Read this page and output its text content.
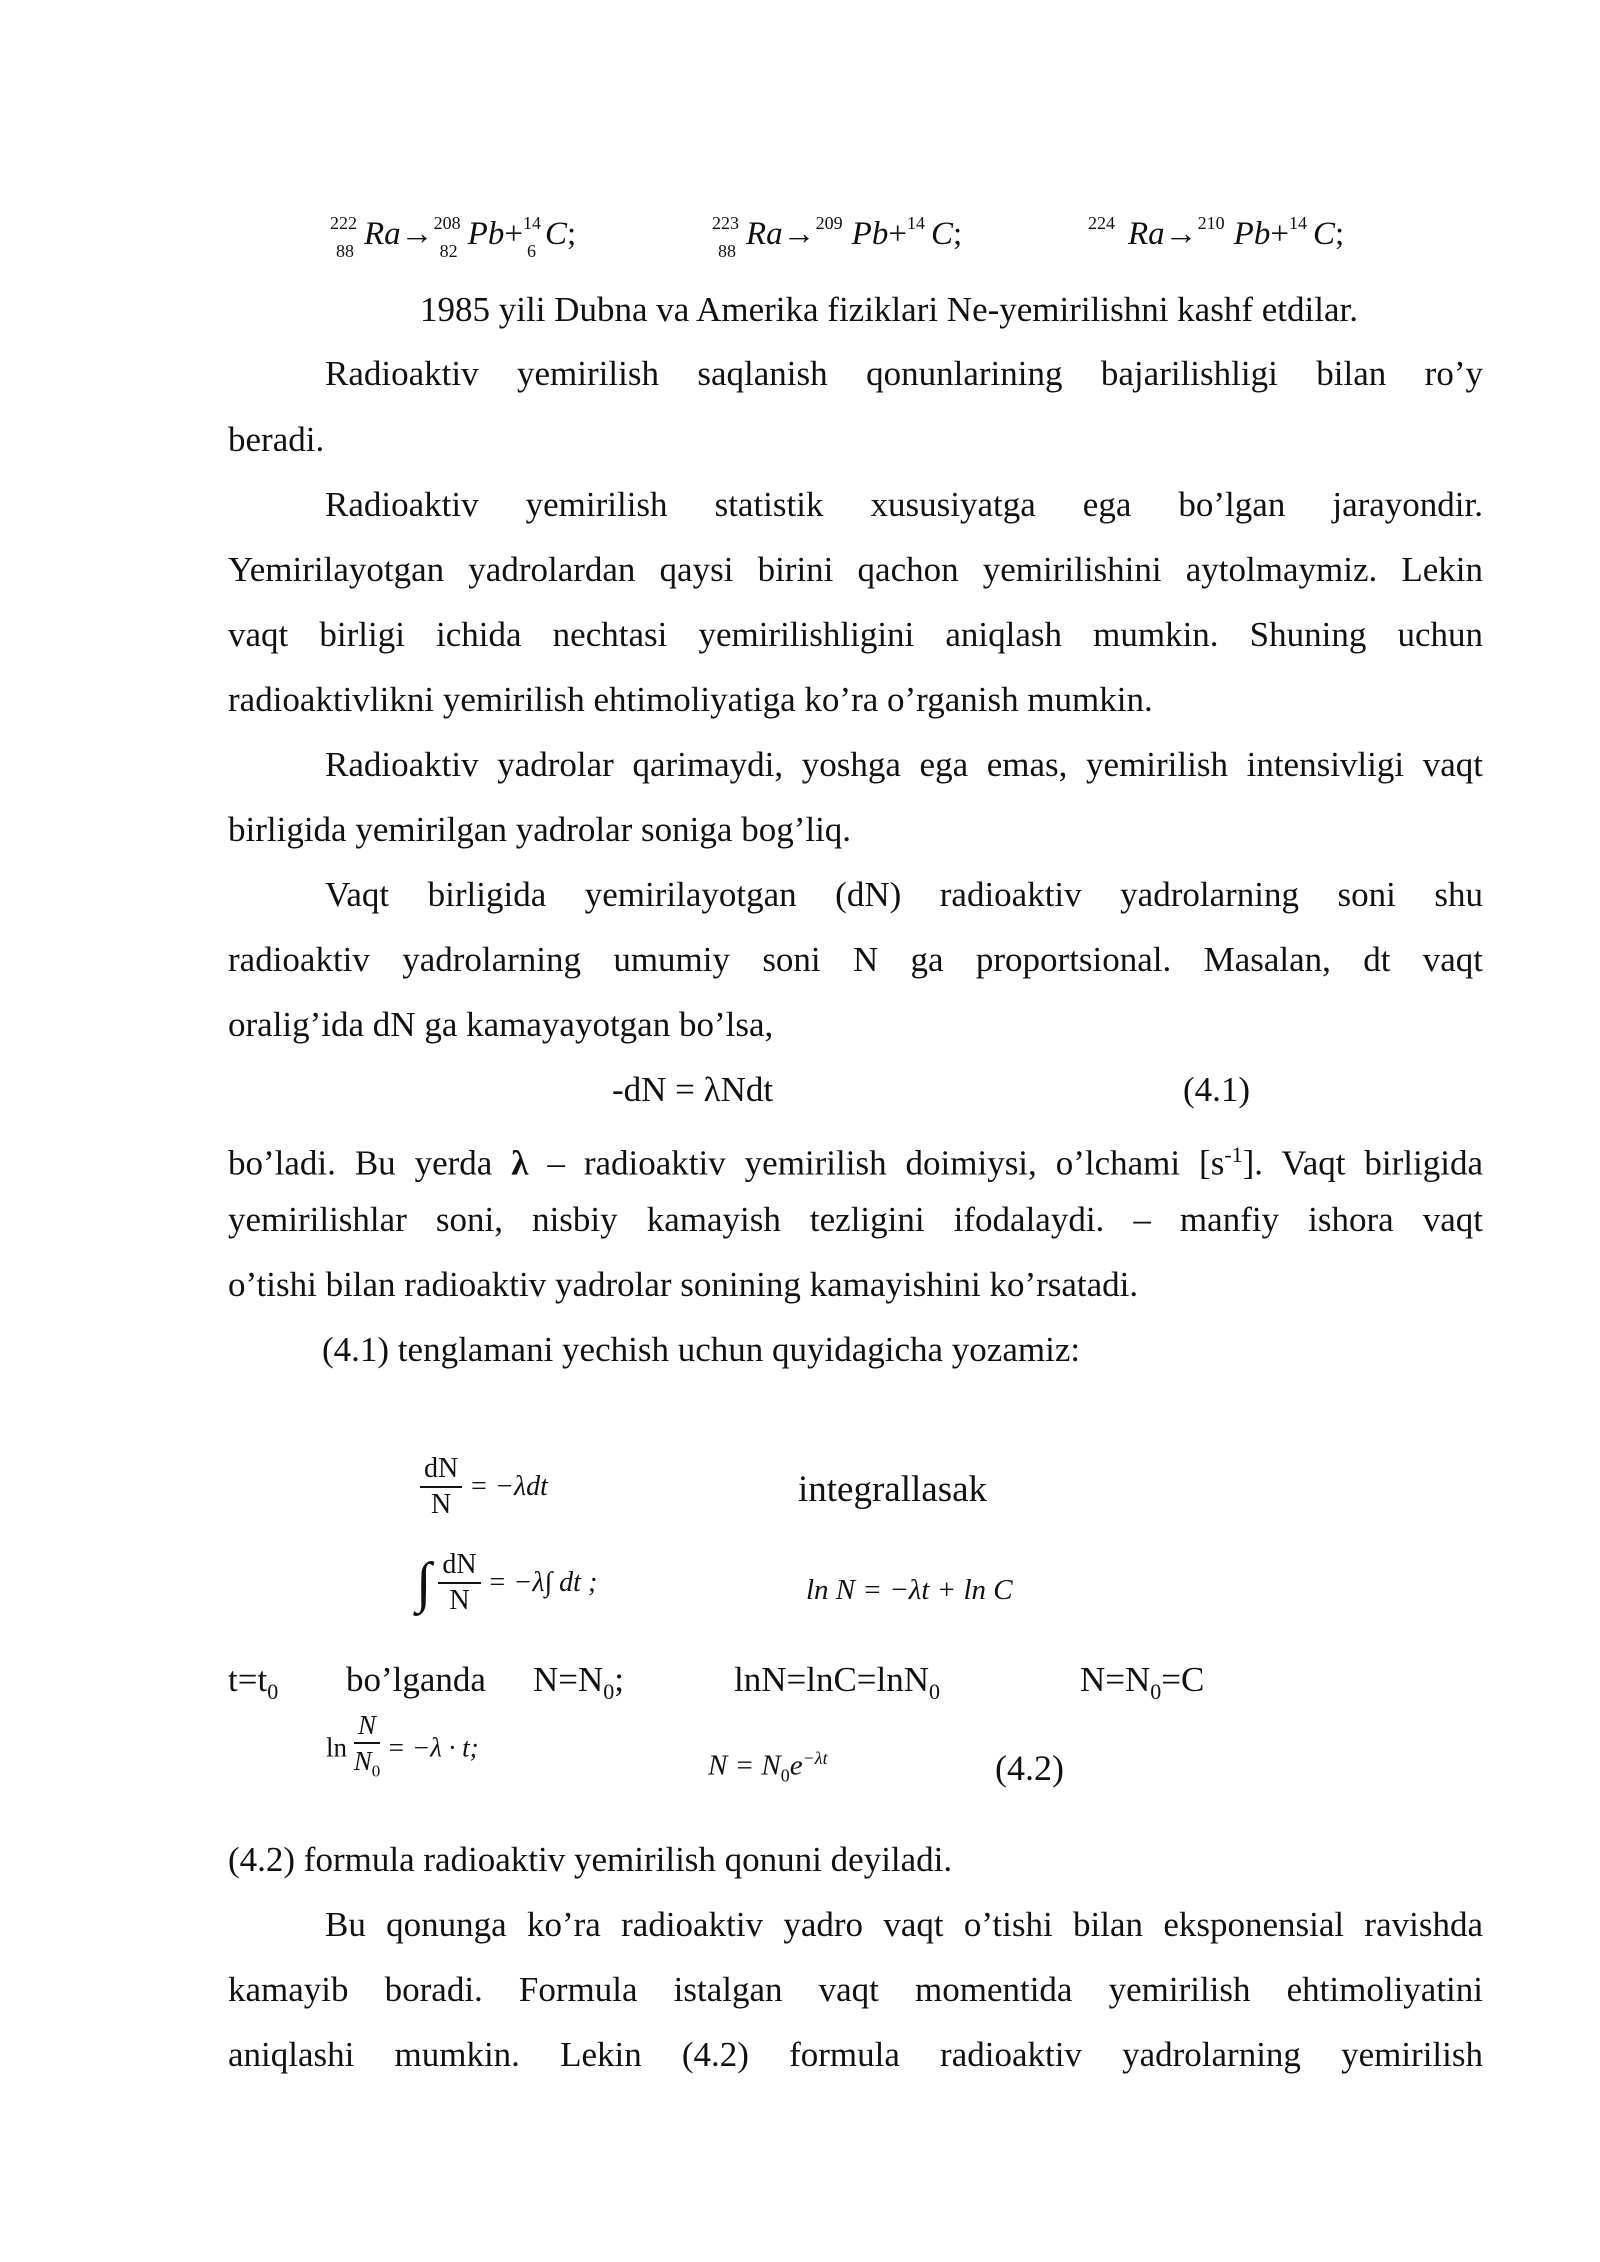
222
88 Ra→ 208
82 Pb+ 14
6 C;	223
88 Ra→ 209 Pb+ 14 C;	224 Ra→ 210 Pb+ 14 C;
1985 yili Dubna va Amerika fiziklari Ne-yemirilishni kashf etdilar.
Radioaktiv yemirilish saqlanish qonunlarining bajarilishligi bilan ro’y
beradi.
Radioaktiv yemirilish statistik xususiyatga ega bo’lgan jarayondir.
Yemirilayotgan yadrolardan qaysi birini qachon yemirilishini aytolmaymiz. Lekin
vaqt birligi ichida nechtasi yemirilishligini aniqlash mumkin. Shuning uchun
radioaktivlikni yemirilish ehtimoliyatiga ko’ra o’rganish mumkin.
Radioaktiv yadrolar qarimaydi, yoshga ega emas, yemirilish intensivligi vaqt
birligida yemirilgan yadrolar soniga bog’liq.
Vaqt birligida yemirilayotgan (dN) radioaktiv yadrolarning soni shu
radioaktiv yadrolarning umumiy soni N ga proportsional. Masalan, dt vaqt
oralig’ida dN ga kamayayotgan bo’lsa,
-dN = λNdt	(4.1)
bo’ladi. Bu yerda λ – radioaktiv yemirilish doimiysi, o’lchami $[s^{-1}]$. Vaqt birligida
yemirilishlar soni, nisbiy kamayish tezligini ifodalaydi. – manfiy ishora vaqt
o’tishi bilan radioaktiv yadrolar sonining kamayishini ko’rsatadi.
(4.1) tenglamani yechish uchun quyidagicha yozamiz:
$\frac{dN}{N} = -\lambda dt$	integrallasak
∫ $\frac{dN}{N} = -\lambda\int$ dt ;	ln N = −λt + ln C
$t=t_0$ bo’lganda $N=N_0$;	lnN=lnC=lnN$_0$	$N=N_0=C$
$\ln \frac{N}{N_0} = -\lambda \cdot t$;
$N = N_0e^{-\lambda t}$	(4.2)
(4.2) formula radioaktiv yemirilish qonuni deyiladi.
Bu qonunga ko’ra radioaktiv yadro vaqt o’tishi bilan eksponensial ravishda
kamayib boradi. Formula istalgan vaqt momentida yemirilish ehtimoliyatini
aniqlashi mumkin. Lekin (4.2) formula radioaktiv yadrolarning yemirilish
